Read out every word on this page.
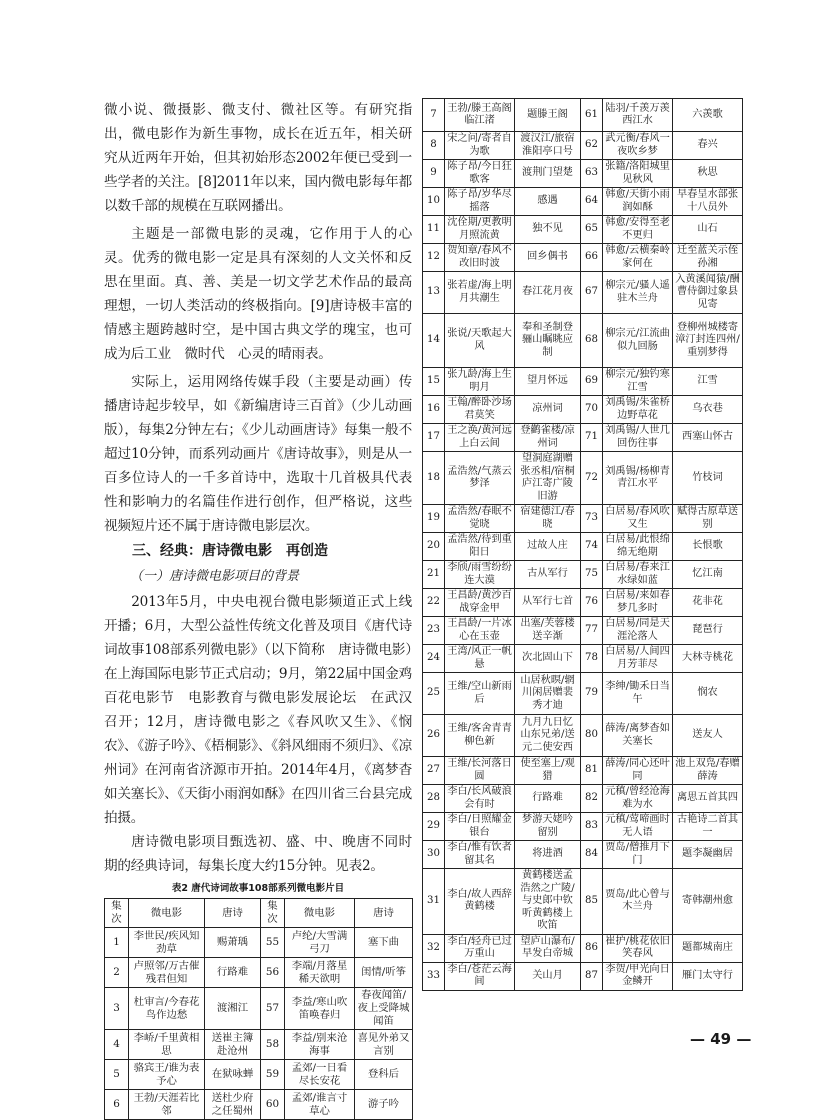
微小说、微摄影、微支付、微社区等。有研究指出，微电影作为新生事物，成长在近五年，相关研究从近两年开始，但其初始形态2002年便已受到一些学者的关注。[8]2011年以来，国内微电影每年都以数千部的规模在互联网播出。

主题是一部微电影的灵魂，它作用于人的心灵。优秀的微电影一定是具有深刻的人文关怀和反思在里面。真、善、美是一切文学艺术作品的最高理想，一切人类活动的终极指向。[9]唐诗极丰富的情感主题跨越时空，是中国古典文学的瑰宝，也可成为后工业　微时代　心灵的晴雨表。

实际上，运用网络传媒手段（主要是动画）传播唐诗起步较早，如《新编唐诗三百首》（少儿动画版），每集2分钟左右；《少儿动画唐诗》每集一般不超过10分钟，而系列动画片《唐诗故事》，则是从一百多位诗人的一千多首诗中，选取十几首极具代表性和影响力的名篇佳作进行创作，但严格说，这些视频短片还不属于唐诗微电影层次。

三、经典：唐诗微电影　再创造

（一）唐诗微电影项目的背景

2013年5月，中央电视台微电影频道正式上线开播；6月，大型公益性传统文化普及项目《唐代诗词故事108部系列微电影》（以下简称　唐诗微电影）在上海国际电影节正式启动；9月，第22届中国金鸡百花电影节　电影教育与微电影发展论坛　在武汉召开；12月，唐诗微电影之《春风吹又生》、《悯农》、《游子吟》、《梧桐影》、《斜风细雨不须归》、《凉州词》在河南省济源市开拍。2014年4月，《离梦杳如关塞长》、《天街小雨润如酥》在四川省三台县完成拍摄。

唐诗微电影项目甄选初、盛、中、晚唐不同时期的经典诗词，每集长度大约15分钟。见表2。

表2 唐代诗词故事108部系列微电影片目

集次	微电影	唐诗	集次	微电影	唐诗
1	李世民/疾风知劲草	赐萧瑀	55	卢纶/大雪满弓刀	塞下曲
2	卢照邻/万古催残君但知	行路难	56	李端/月落星稀天欲明	闺情/听筝
3	杜审言/今春花鸟作边愁	渡湘江	57	李益/寒山吹笛唤春归	春夜闻笛/夜上受降城闻笛
4	李峤/千里黄相思	送崔主簿赴沧州	58	李益/别来沧海事	喜见外弟又言别
5	骆宾王/谁为表予心	在狱咏蝉	59	孟郊/一日看尽长安花	登科后
6	王勃/天涯若比邻	送杜少府之任蜀州	60	孟郊/谁言寸草心	游子吟
7	王勃/滕王高阁临江渚	题滕王阁	61	陆羽/千羡万羡西江水	六羡歌
8	宋之问/寄者自为歌	渡汉江/旅宿淮阳亭口号	62	武元衡/春风一夜吹乡梦	春兴
9	陈子昂/今日狂歌客	渡荆门望楚	63	张籍/洛阳城里见秋风	秋思
10	陈子昂/岁华尽摇落	感遇	64	韩愈/天街小雨润如酥	早春呈水部张十八员外
11	沈佺期/更教明月照流黄	独不见	65	韩愈/安得至老不更归	山石
12	贺知章/春风不改旧时波	回乡偶书	66	韩愈/云横秦岭家何在	迁至蓝关示侄孙湘
13	张若虚/海上明月共潮生	春江花月夜	67	柳宗元/骚人遥驻木兰舟	入黄溪闻猿/酬曹侍御过象县见寄
14	张说/天歌起大风	奉和圣制登骊山瞩眺应制	68	柳宗元/江流曲似九回肠	登柳州城楼寄漳汀封连四州/重别梦得
15	张九龄/海上生明月	望月怀远	69	柳宗元/独钓寒江雪	江雪
16	王翰/醉卧沙场君莫笑	凉州词	70	刘禹锡/朱雀桥边野草花	乌衣巷
17	王之涣/黄河远上白云间	登鹳雀楼/凉州词	71	刘禹锡/人世几回伤往事	西塞山怀古
18	孟浩然/气蒸云梦泽	望洞庭湖赠张丞相/宿桐庐江寄广陵旧游	72	刘禹锡/杨柳青青江水平	竹枝词
19	孟浩然/春眠不觉晓	宿建德江/春晓	73	白居易/春风吹又生	赋得古原草送别
20	孟浩然/待到重阳日	过故人庄	74	白居易/此恨绵绵无绝期	长恨歌
21	李颀/雨雪纷纷连大漠	古从军行	75	白居易/春来江水绿如蓝	忆江南
22	王昌龄/黄沙百战穿金甲	从军行七首	76	白居易/来如春梦几多时	花非花
23	王昌龄/一片冰心在玉壶	出塞/芙蓉楼送辛渐	77	白居易/同是天涯沦落人	琵琶行
24	王湾/风正一帆悬	次北固山下	78	白居易/人间四月芳菲尽	大林寺桃花
25	王维/空山新雨后	山居秋暝/辋川闲居赠裴秀才迪	79	李绅/锄禾日当午	悯农
26	王维/客舍青青柳色新	九月九日忆山东兄弟/送元二使安西	80	薛涛/离梦杳如关塞长	送友人
27	王维/长河落日圆	使至塞上/观猎	81	薛涛/同心还叶同	池上双凫/春赠薛涛
28	李白/长风破浪会有时	行路难	82	元稹/曾经沧海难为水	离思五首其四
29	李白/日照耀金银台	梦游天姥吟留别	83	元稹/莺啼画时无人语	古艳诗二首其一
30	李白/惟有饮者留其名	将进酒	84	贾岛/僧推月下门	题李凝幽居
31	李白/故人西辞黄鹤楼	黄鹤楼送孟浩然之广陵/与史郎中钦听黄鹤楼上吹笛	85	贾岛/此心曾与木兰舟	寄韩潮州愈
32	李白/轻舟已过万重山	望庐山瀑布/早发白帝城	86	崔护/桃花依旧笑春风	题都城南庄
33	李白/苍茫云海间	关山月	87	李贺/甲光向日金鳞开	雁门太守行
— 49 —
